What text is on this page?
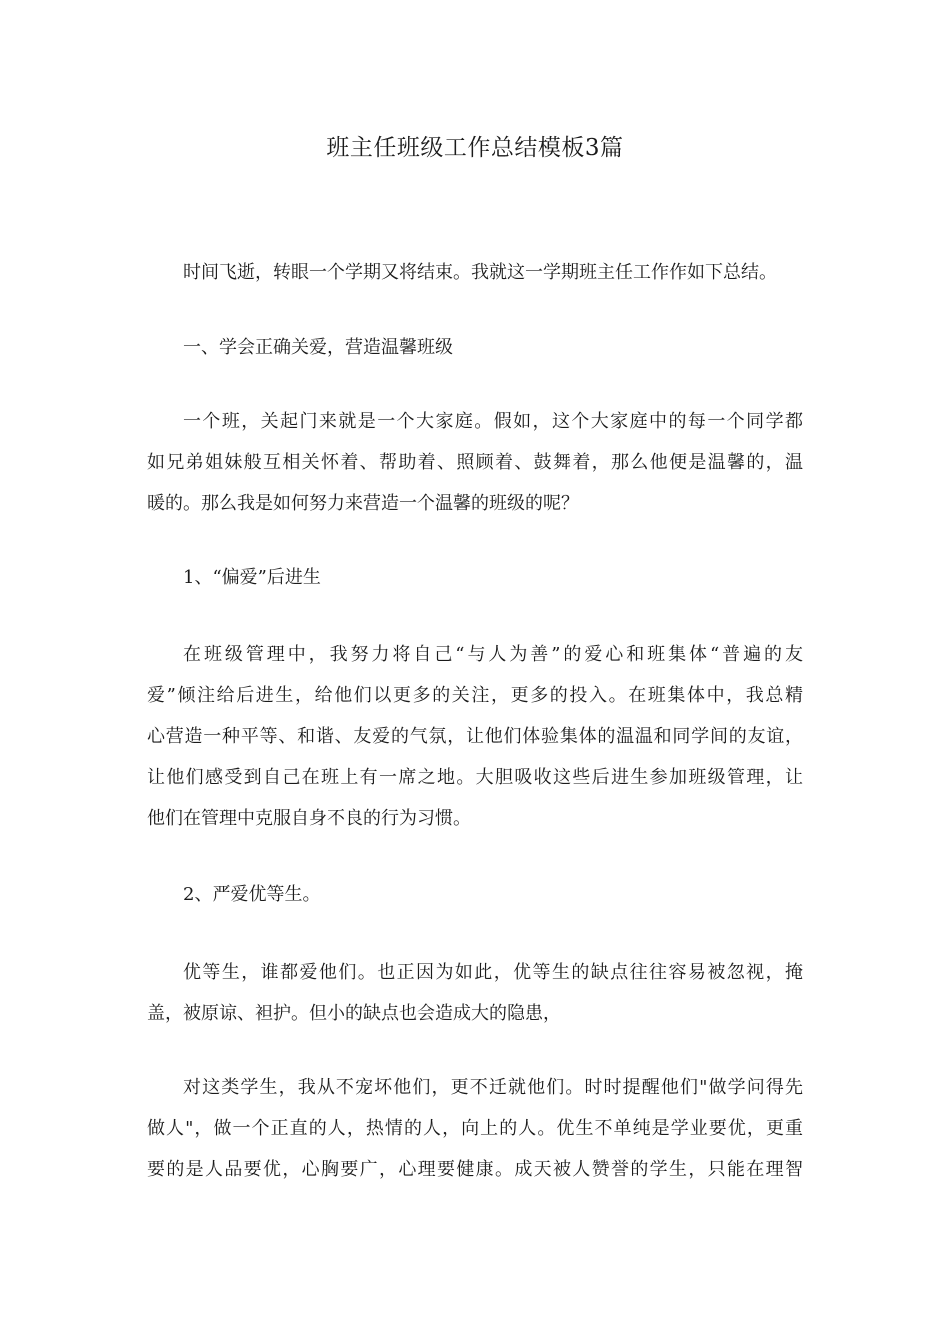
班主任班级工作总结模板3篇
时间飞逝，转眼一个学期又将结束。我就这一学期班主任工作作如下总结。
一、学会正确关爱，营造温馨班级
一个班，关起门来就是一个大家庭。假如，这个大家庭中的每一个同学都
如兄弟姐妹般互相关怀着、帮助着、照顾着、鼓舞着，那么他便是温馨的，温
暖的。那么我是如何努力来营造一个温馨的班级的呢？
1、“偏爱”后进生
在班级管理中，我努力将自己“与人为善”的爱心和班集体“普遍的友
爱”倾注给后进生，给他们以更多的关注，更多的投入。在班集体中，我总精
心营造一种平等、和谐、友爱的气氛，让他们体验集体的温温和同学间的友谊，
让他们感受到自己在班上有一席之地。大胆吸收这些后进生参加班级管理，让
他们在管理中克服自身不良的行为习惯。
2、严爱优等生。
优等生，谁都爱他们。也正因为如此，优等生的缺点往往容易被忽视，掩
盖，被原谅、袒护。但小的缺点也会造成大的隐患，
对这类学生，我从不宠坏他们，更不迁就他们。时时提醒他们"做学问得先
做人"，做一个正直的人，热情的人，向上的人。优生不单纯是学业要优，更重
要的是人品要优，心胸要广，心理要健康。成天被人赞誉的学生，只能在理智
